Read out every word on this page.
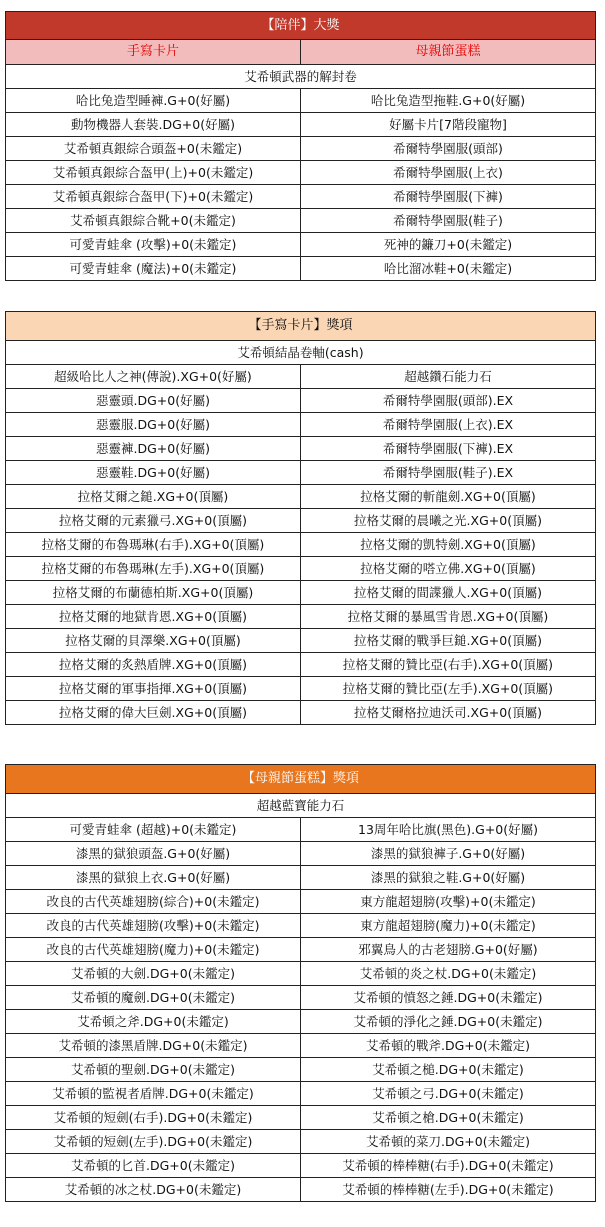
【陪伴】大獎	
手寫卡片	母親節蛋糕
艾希頓武器的解封卷	
哈比兔造型睡褲.G+0(好屬)	哈比兔造型拖鞋.G+0(好屬)
動物機器人套裝.DG+0(好屬)	好屬卡片[7階段寵物]
艾希頓真銀綜合頭盔+0(未鑑定)	希爾特學園服(頭部)
艾希頓真銀綜合盔甲(上)+0(未鑑定)	希爾特學園服(上衣)
艾希頓真銀綜合盔甲(下)+0(未鑑定)	希爾特學園服(下褲)
艾希頓真銀綜合靴+0(未鑑定)	希爾特學園服(鞋子)
可愛青蛙傘 (攻擊)+0(未鑑定)	死神的鐮刀+0(未鑑定)
可愛青蛙傘 (魔法)+0(未鑑定)	哈比溜冰鞋+0(未鑑定)
【手寫卡片】獎項	
艾希頓結晶卷軸(cash)	
超級哈比人之神(傳說).XG+0(好屬)	超越鑽石能力石
惡靈頭.DG+0(好屬)	希爾特學園服(頭部).EX
惡靈服.DG+0(好屬)	希爾特學園服(上衣).EX
惡靈褲.DG+0(好屬)	希爾特學園服(下褲).EX
惡靈鞋.DG+0(好屬)	希爾特學園服(鞋子).EX
拉格艾爾之鎚.XG+0(頂屬)	拉格艾爾的斬龍劍.XG+0(頂屬)
拉格艾爾的元素獵弓.XG+0(頂屬)	拉格艾爾的晨曦之光.XG+0(頂屬)
拉格艾爾的布魯瑪琳(右手).XG+0(頂屬)	拉格艾爾的凱特劍.XG+0(頂屬)
拉格艾爾的布魯瑪琳(左手).XG+0(頂屬)	拉格艾爾的嗒立佛.XG+0(頂屬)
拉格艾爾的布蘭德柏斯.XG+0(頂屬)	拉格艾爾的間諜獵人.XG+0(頂屬)
拉格艾爾的地獄肯恩.XG+0(頂屬)	拉格艾爾的暴風雪肯恩.XG+0(頂屬)
拉格艾爾的貝澤樂.XG+0(頂屬)	拉格艾爾的戰爭巨鎚.XG+0(頂屬)
拉格艾爾的炙熱盾牌.XG+0(頂屬)	拉格艾爾的贊比亞(右手).XG+0(頂屬)
拉格艾爾的軍事指揮.XG+0(頂屬)	拉格艾爾的贊比亞(左手).XG+0(頂屬)
拉格艾爾的偉大巨劍.XG+0(頂屬)	拉格艾爾格拉迪沃司.XG+0(頂屬)
【母親節蛋糕】獎項	
超越藍寶能力石	
可愛青蛙傘 (超越)+0(未鑑定)	13周年哈比旗(黑色).G+0(好屬)
漆黑的獄狼頭盔.G+0(好屬)	漆黑的獄狼褲子.G+0(好屬)
漆黑的獄狼上衣.G+0(好屬)	漆黑的獄狼之鞋.G+0(好屬)
改良的古代英雄翅膀(綜合)+0(未鑑定)	東方龍超翅膀(攻擊)+0(未鑑定)
改良的古代英雄翅膀(攻擊)+0(未鑑定)	東方龍超翅膀(魔力)+0(未鑑定)
改良的古代英雄翅膀(魔力)+0(未鑑定)	邪翼鳥人的古老翅膀.G+0(好屬)
艾希頓的大劍.DG+0(未鑑定)	艾希頓的炎之杖.DG+0(未鑑定)
艾希頓的魔劍.DG+0(未鑑定)	艾希頓的憤怒之錘.DG+0(未鑑定)
艾希頓之斧.DG+0(未鑑定)	艾希頓的淨化之錘.DG+0(未鑑定)
艾希頓的漆黑盾牌.DG+0(未鑑定)	艾希頓的戰斧.DG+0(未鑑定)
艾希頓的聖劍.DG+0(未鑑定)	艾希頓之槌.DG+0(未鑑定)
艾希頓的監視者盾牌.DG+0(未鑑定)	艾希頓之弓.DG+0(未鑑定)
艾希頓的短劍(右手).DG+0(未鑑定)	艾希頓之槍.DG+0(未鑑定)
艾希頓的短劍(左手).DG+0(未鑑定)	艾希頓的菜刀.DG+0(未鑑定)
艾希頓的匕首.DG+0(未鑑定)	艾希頓的棒棒糖(右手).DG+0(未鑑定)
艾希頓的冰之杖.DG+0(未鑑定)	艾希頓的棒棒糖(左手).DG+0(未鑑定)
